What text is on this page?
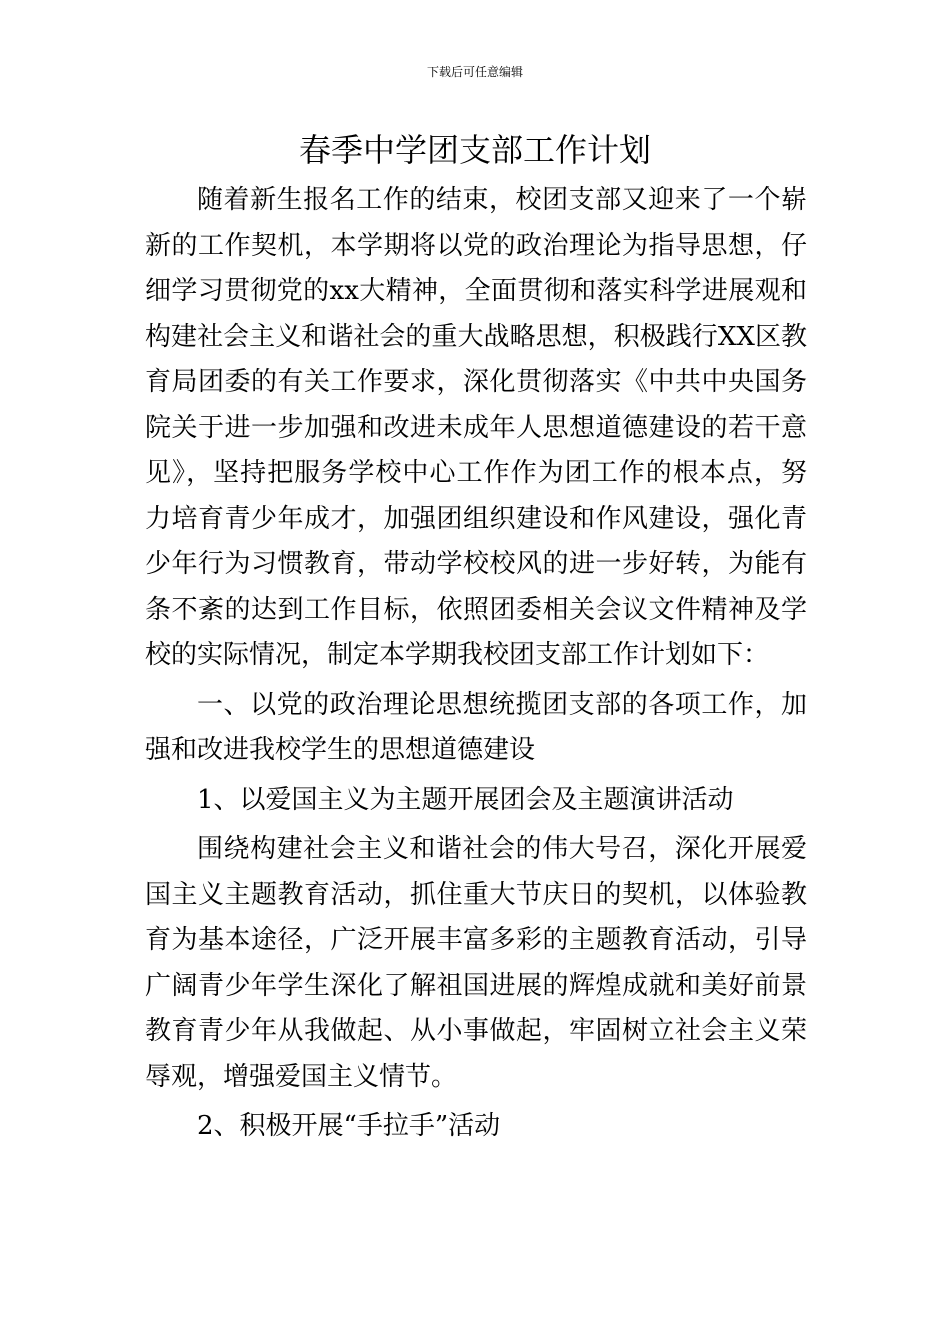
下载后可任意编辑
春季中学团支部工作计划

随着新生报名工作的结束，校团支部又迎来了一个崭新的工作契机，本学期将以党的政治理论为指导思想，仔细学习贯彻党的xx大精神，全面贯彻和落实科学进展观和构建社会主义和谐社会的重大战略思想，积极践行XX区教育局团委的有关工作要求，深化贯彻落实《中共中央国务院关于进一步加强和改进未成年人思想道德建设的若干意见》，坚持把服务学校中心工作作为团工作的根本点，努力培育青少年成才，加强团组织建设和作风建设，强化青少年行为习惯教育，带动学校校风的进一步好转，为能有条不紊的达到工作目标，依照团委相关会议文件精神及学校的实际情况，制定本学期我校团支部工作计划如下：

一、以党的政治理论思想统揽团支部的各项工作，加强和改进我校学生的思想道德建设

1、以爱国主义为主题开展团会及主题演讲活动

围绕构建社会主义和谐社会的伟大号召，深化开展爱国主义主题教育活动，抓住重大节庆日的契机，以体验教育为基本途径，广泛开展丰富多彩的主题教育活动，引导广阔青少年学生深化了解祖国进展的辉煌成就和美好前景教育青少年从我做起、从小事做起，牢固树立社会主义荣辱观，增强爱国主义情节。

2、积极开展“手拉手”活动
